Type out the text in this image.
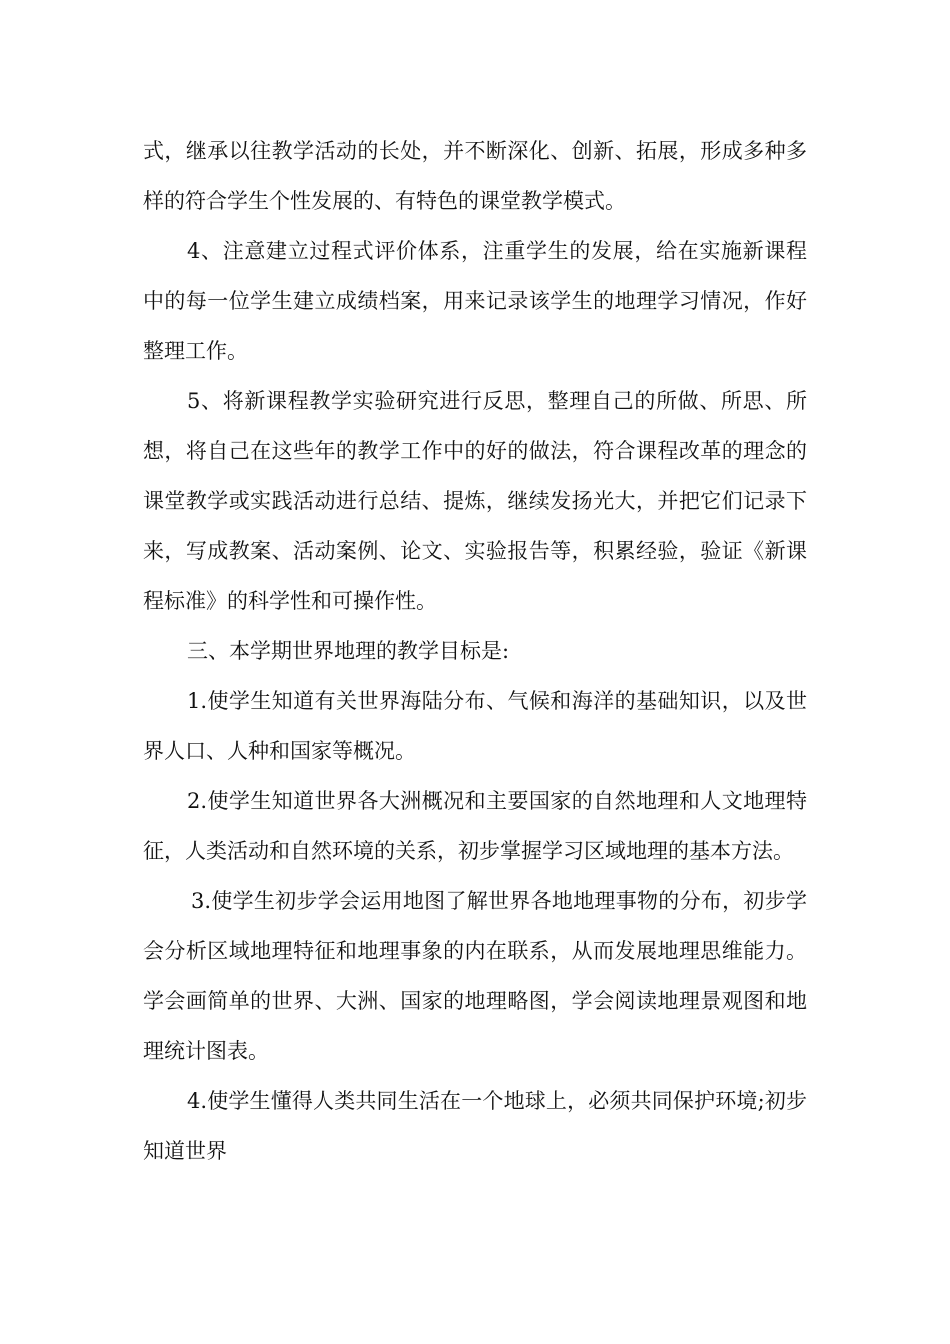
式，继承以往教学活动的长处，并不断深化、创新、拓展，形成多种多样的符合学生个性发展的、有特色的课堂教学模式。

4、注意建立过程式评价体系，注重学生的发展，给在实施新课程中的每一位学生建立成绩档案，用来记录该学生的地理学习情况，作好整理工作。

5、将新课程教学实验研究进行反思，整理自己的所做、所思、所想，将自己在这些年的教学工作中的好的做法，符合课程改革的理念的课堂教学或实践活动进行总结、提炼，继续发扬光大，并把它们记录下来，写成教案、活动案例、论文、实验报告等，积累经验，验证《新课程标准》的科学性和可操作性。

三、本学期世界地理的教学目标是:

1.使学生知道有关世界海陆分布、气候和海洋的基础知识，以及世界人口、人种和国家等概况。

2.使学生知道世界各大洲概况和主要国家的自然地理和人文地理特征，人类活动和自然环境的关系，初步掌握学习区域地理的基本方法。

3.使学生初步学会运用地图了解世界各地地理事物的分布，初步学会分析区域地理特征和地理事象的内在联系，从而发展地理思维能力。学会画简单的世界、大洲、国家的地理略图，学会阅读地理景观图和地理统计图表。

4.使学生懂得人类共同生活在一个地球上，必须共同保护环境;初步知道世界
